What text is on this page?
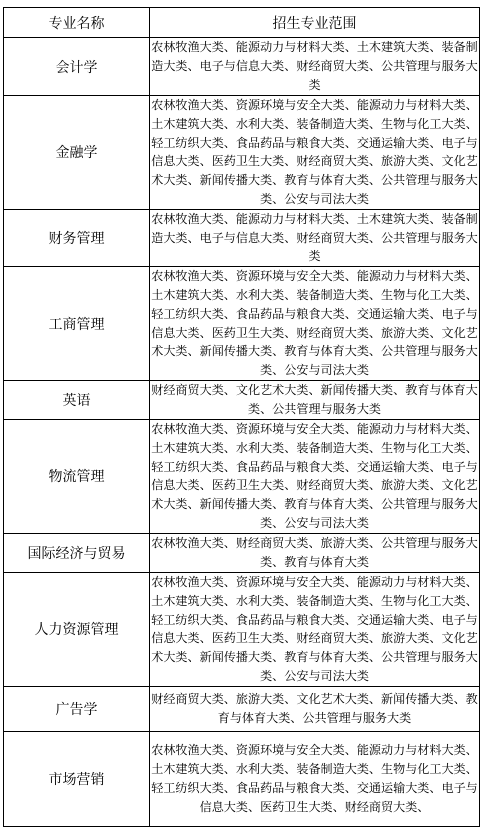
专业名称	招生专业范围
会计学	农林牧渔大类、能源动力与材料大类、土木建筑大类、装备制造大类、电子与信息大类、财经商贸大类、公共管理与服务大类
金融学	农林牧渔大类、资源环境与安全大类、能源动力与材料大类、土木建筑大类、水利大类、装备制造大类、生物与化工大类、轻工纺织大类、食品药品与粮食大类、交通运输大类、电子与信息大类、医药卫生大类、财经商贸大类、旅游大类、文化艺术大类、新闻传播大类、教育与体育大类、公共管理与服务大类、公安与司法大类
财务管理	农林牧渔大类、能源动力与材料大类、土木建筑大类、装备制造大类、电子与信息大类、财经商贸大类、公共管理与服务大类
工商管理	农林牧渔大类、资源环境与安全大类、能源动力与材料大类、土木建筑大类、水利大类、装备制造大类、生物与化工大类、轻工纺织大类、食品药品与粮食大类、交通运输大类、电子与信息大类、医药卫生大类、财经商贸大类、旅游大类、文化艺术大类、新闻传播大类、教育与体育大类、公共管理与服务大类、公安与司法大类
英语	财经商贸大类、文化艺术大类、新闻传播大类、教育与体育大类、公共管理与服务大类
物流管理	农林牧渔大类、资源环境与安全大类、能源动力与材料大类、土木建筑大类、水利大类、装备制造大类、生物与化工大类、轻工纺织大类、食品药品与粮食大类、交通运输大类、电子与信息大类、医药卫生大类、财经商贸大类、旅游大类、文化艺术大类、新闻传播大类、教育与体育大类、公共管理与服务大类、公安与司法大类
国际经济与贸易	农林牧渔大类、财经商贸大类、旅游大类、公共管理与服务大类、教育与体育大类
人力资源管理	农林牧渔大类、资源环境与安全大类、能源动力与材料大类、土木建筑大类、水利大类、装备制造大类、生物与化工大类、轻工纺织大类、食品药品与粮食大类、交通运输大类、电子与信息大类、医药卫生大类、财经商贸大类、旅游大类、文化艺术大类、新闻传播大类、教育与体育大类、公共管理与服务大类、公安与司法大类
广告学	财经商贸大类、旅游大类、文化艺术大类、新闻传播大类、教育与体育大类、公共管理与服务大类
市场营销	农林牧渔大类、资源环境与安全大类、能源动力与材料大类、土木建筑大类、水利大类、装备制造大类、生物与化工大类、轻工纺织大类、食品药品与粮食大类、交通运输大类、电子与信息大类、医药卫生大类、财经商贸大类、
